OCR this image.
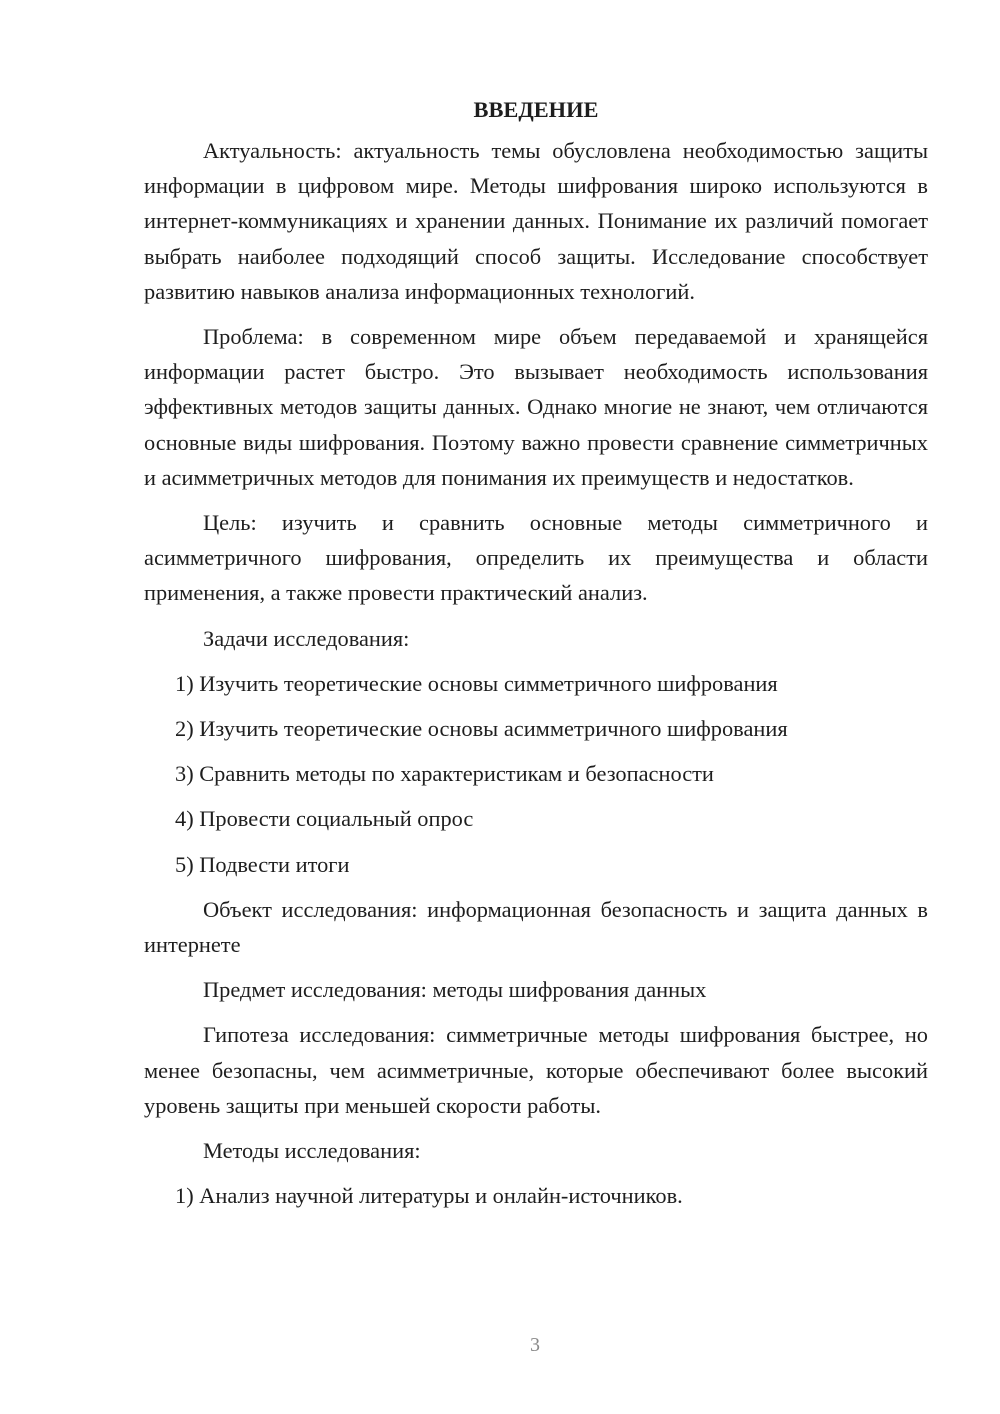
ВВЕДЕНИЕ

Актуальность: актуальность темы обусловлена необходимостью защиты информации в цифровом мире. Методы шифрования широко используются в интернет-коммуникациях и хранении данных. Понимание их различий помогает выбрать наиболее подходящий способ защиты. Исследование способствует развитию навыков анализа информационных технологий.

Проблема: в современном мире объем передаваемой и хранящейся информации растет быстро. Это вызывает необходимость использования эффективных методов защиты данных. Однако многие не знают, чем отличаются основные виды шифрования. Поэтому важно провести сравнение симметричных и асимметричных методов для понимания их преимуществ и недостатков.

Цель: изучить и сравнить основные методы симметричного и асимметричного шифрования, определить их преимущества и области применения, а также провести практический анализ.

Задачи исследования:

1) Изучить теоретические основы симметричного шифрования
2) Изучить теоретические основы асимметричного шифрования
3) Сравнить методы по характеристикам и безопасности
4) Провести социальный опрос
5) Подвести итоги

Объект исследования: информационная безопасность и защита данных в интернете

Предмет исследования: методы шифрования данных

Гипотеза исследования: симметричные методы шифрования быстрее, но менее безопасны, чем асимметричные, которые обеспечивают более высокий уровень защиты при меньшей скорости работы.

Методы исследования:

1) Анализ научной литературы и онлайн-источников.
3
